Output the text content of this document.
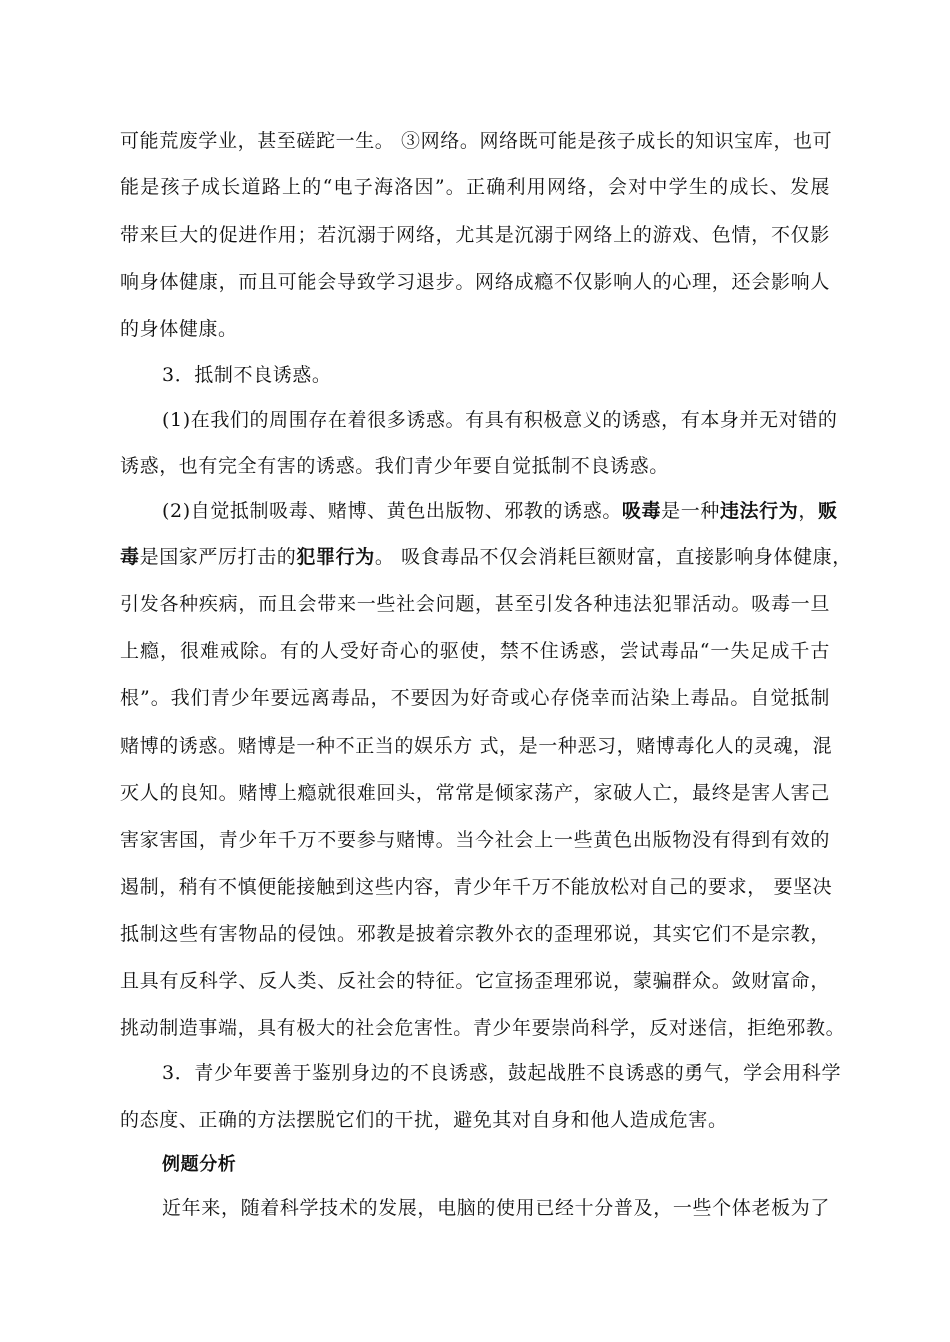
可能荒废学业，甚至磋跎一生。 ③网络。网络既可能是孩子成长的知识宝库，也可
能是孩子成长道路上的“电子海洛因”。正确利用网络，会对中学生的成长、发展
带来巨大的促进作用；若沉溺于网络，尤其是沉溺于网络上的游戏、色情，不仅影
响身体健康，而且可能会导致学习退步。网络成瘾不仅影响人的心理，还会影响人
的身体健康。
3．抵制不良诱惑。
(1)在我们的周围存在着很多诱惑。有具有积极意义的诱惑，有本身并无对错的
诱惑，也有完全有害的诱惑。我们青少年要自觉抵制不良诱惑。
(2)自觉抵制吸毒、赌博、黄色出版物、邪教的诱惑。吸毒是一种违法行为，贩
毒是国家严厉打击的犯罪行为。 吸食毒品不仅会消耗巨额财富，直接影响身体健康，
引发各种疾病，而且会带来一些社会问题，甚至引发各种违法犯罪活动。吸毒一旦
上瘾，很难戒除。有的人受好奇心的驱使，禁不住诱惑，尝试毒品“一失足成千古
根”。我们青少年要远离毒品，不要因为好奇或心存侥幸而沾染上毒品。自觉抵制
赌博的诱惑。赌博是一种不正当的娱乐方 式，是一种恶习，赌博毒化人的灵魂，混
灭人的良知。赌博上瘾就很难回头，常常是倾家荡产，家破人亡，最终是害人害己
害家害国，青少年千万不要参与赌博。当今社会上一些黄色出版物没有得到有效的
遏制，稍有不慎便能接触到这些内容，青少年千万不能放松对自己的要求， 要坚决
抵制这些有害物品的侵蚀。邪教是披着宗教外衣的歪理邪说，其实它们不是宗教，
且具有反科学、反人类、反社会的特征。它宣扬歪理邪说，蒙骗群众。敛财富命，
挑动制造事端，具有极大的社会危害性。青少年要崇尚科学，反对迷信，拒绝邪教。
3．青少年要善于鉴别身边的不良诱惑，鼓起战胜不良诱惑的勇气，学会用科学
的态度、正确的方法摆脱它们的干扰，避免其对自身和他人造成危害。
例题分析
近年来，随着科学技术的发展，电脑的使用已经十分普及，一些个体老板为了
